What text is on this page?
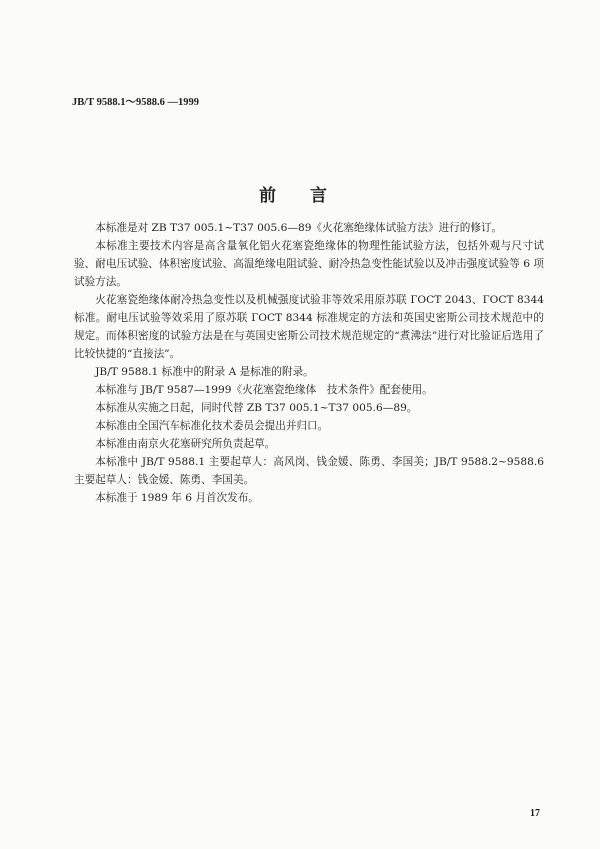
JB/T 9588.1～9588.6 —1999
前 言

本标准是对 ZB T37 005.1~T37 005.6—89《火花塞绝缘体试验方法》进行的修订。

本标准主要技术内容是高含量氧化铝火花塞瓷绝缘体的物理性能试验方法，包括外观与尺寸试验、耐电压试验、体积密度试验、高温绝缘电阻试验、耐冷热急变性能试验以及冲击强度试验等 6 项试验方法。

火花塞瓷绝缘体耐冷热急变性以及机械强度试验非等效采用原苏联 ГОСТ 2043、ГОСТ 8344 标准。耐电压试验等效采用了原苏联 ГОСТ 8344 标准规定的方法和英国史密斯公司技术规范中的规定。而体积密度的试验方法是在与英国史密斯公司技术规范规定的“煮沸法”进行对比验证后选用了比较快捷的“直接法”。

JB/T 9588.1 标准中的附录 A 是标准的附录。

本标准与 JB/T 9587—1999《火花塞瓷绝缘体　技术条件》配套使用。

本标准从实施之日起，同时代替 ZB T37 005.1~T37 005.6—89。

本标准由全国汽车标准化技术委员会提出并归口。

本标准由南京火花塞研究所负责起草。

本标准中 JB/T 9588.1 主要起草人：高风岗、钱金媛、陈勇、李国美；JB/T 9588.2~9588.6 主要起草人：钱金媛、陈勇、李国美。

本标准于 1989 年 6 月首次发布。

17
